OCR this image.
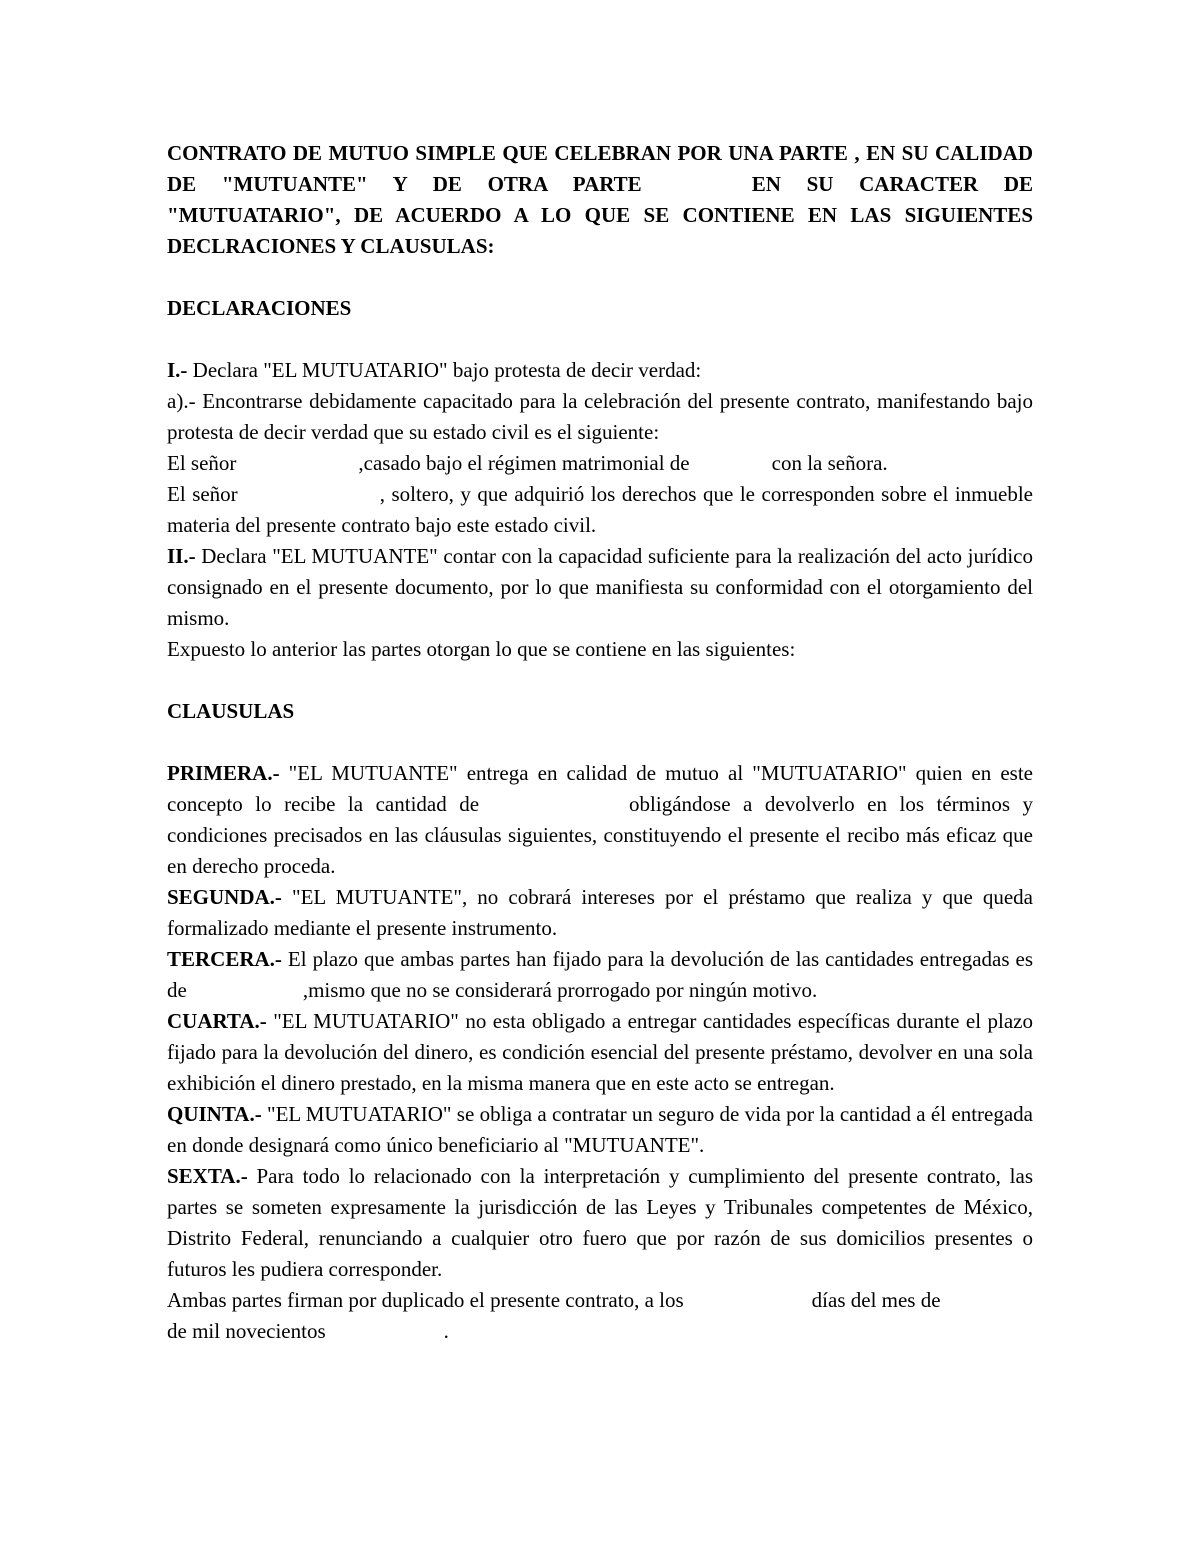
CONTRATO DE MUTUO SIMPLE QUE CELEBRAN POR UNA PARTE , EN SU CALIDAD DE "MUTUANTE" Y DE OTRA PARTE	EN SU CARACTER DE "MUTUATARIO", DE ACUERDO A LO QUE SE CONTIENE EN LAS SIGUIENTES DECLRACIONES Y CLAUSULAS:

DECLARACIONES

I.- Declara "EL MUTUATARIO" bajo protesta de decir verdad:

a).- Encontrarse debidamente capacitado para la celebración del presente contrato, manifestando bajo protesta de decir verdad que su estado civil es el siguiente:

El señor	,casado bajo el régimen matrimonial de	con la señora.

El señor	, soltero, y que adquirió los derechos que le corresponden sobre el inmueble materia del presente contrato bajo este estado civil.

II.- Declara "EL MUTUANTE" contar con la capacidad suficiente para la realización del acto jurídico consignado en el presente documento, por lo que manifiesta su conformidad con el otorgamiento del mismo.

Expuesto lo anterior las partes otorgan lo que se contiene en las siguientes:

CLAUSULAS

PRIMERA.- "EL MUTUANTE" entrega en calidad de mutuo al "MUTUATARIO" quien en este concepto lo recibe la cantidad de	obligándose a devolverlo en los términos y condiciones precisados en las cláusulas siguientes, constituyendo el presente el recibo más eficaz que en derecho proceda.

SEGUNDA.- "EL MUTUANTE", no cobrará intereses por el préstamo que realiza y que queda formalizado mediante el presente instrumento.

TERCERA.- El plazo que ambas partes han fijado para la devolución de las cantidades entregadas es de	,mismo que no se considerará prorrogado por ningún motivo.

CUARTA.- "EL MUTUATARIO" no esta obligado a entregar cantidades específicas durante el plazo fijado para la devolución del dinero, es condición esencial del presente préstamo, devolver en una sola exhibición el dinero prestado, en la misma manera que en este acto se entregan.

QUINTA.- "EL MUTUATARIO" se obliga a contratar un seguro de vida por la cantidad a él entregada en donde designará como único beneficiario al "MUTUANTE".

SEXTA.- Para todo lo relacionado con la interpretación y cumplimiento del presente contrato, las partes se someten expresamente la jurisdicción de las Leyes y Tribunales competentes de México, Distrito Federal, renunciando a cualquier otro fuero que por razón de sus domicilios presentes o futuros les pudiera corresponder.

Ambas partes firman por duplicado el presente contrato, a los	días del mes de
de mil novecientos	.
